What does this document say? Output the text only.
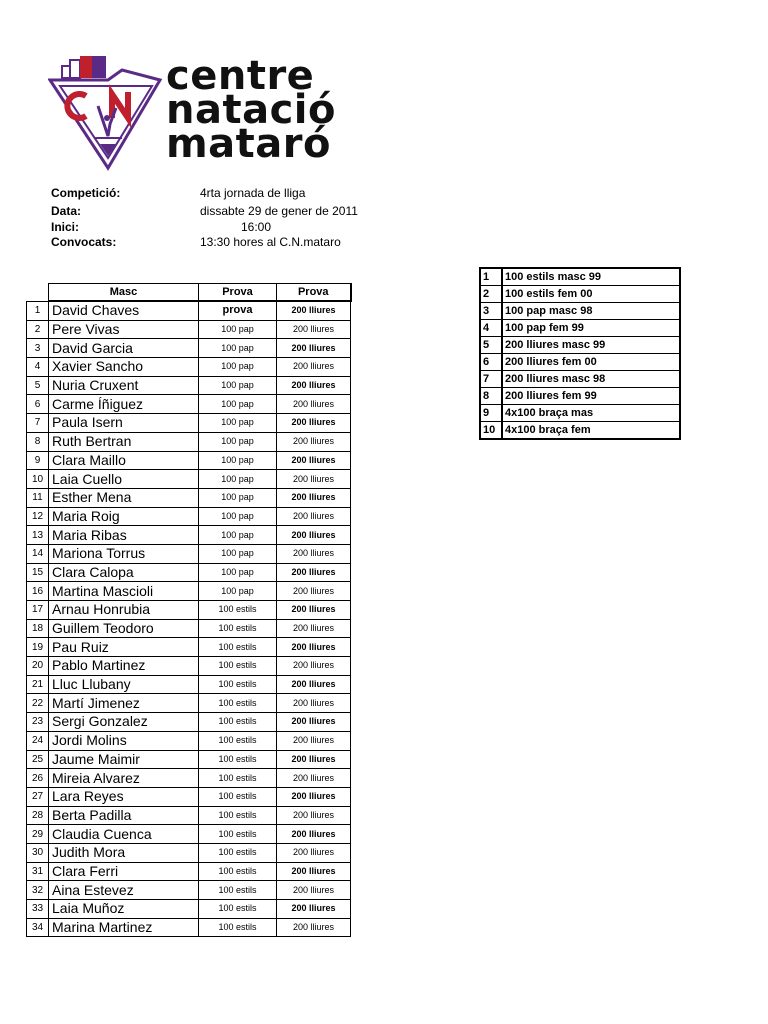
centre
natació
mataró
Competició:	4rta jornada de lliga
Data:	dissabte 29 de gener de 2011
Inici:	16:00
Convocats:	13:30 hores al C.N.mataro
	Masc	Prova	Prova
1	David Chaves	prova	200 lliures
2	Pere Vivas	100 pap	200 lliures
3	David Garcia	100 pap	200 lliures
4	Xavier Sancho	100 pap	200 lliures
5	Nuria Cruxent	100 pap	200 lliures
6	Carme Íñiguez	100 pap	200 lliures
7	Paula Isern	100 pap	200 lliures
8	Ruth Bertran	100 pap	200 lliures
9	Clara Maillo	100 pap	200 lliures
10	Laia Cuello	100 pap	200 lliures
11	Esther Mena	100 pap	200 lliures
12	Maria Roig	100 pap	200 lliures
13	Maria Ribas	100 pap	200 lliures
14	Mariona Torrus	100 pap	200 lliures
15	Clara Calopa	100 pap	200 lliures
16	Martina Mascioli	100 pap	200 lliures
17	Arnau Honrubia	100 estils	200 lliures
18	Guillem Teodoro	100 estils	200 lliures
19	Pau Ruiz	100 estils	200 lliures
20	Pablo Martinez	100 estils	200 lliures
21	Lluc Llubany	100 estils	200 lliures
22	Martí Jimenez	100 estils	200 lliures
23	Sergi Gonzalez	100 estils	200 lliures
24	Jordi Molins	100 estils	200 lliures
25	Jaume Maimir	100 estils	200 lliures
26	Mireia Alvarez	100 estils	200 lliures
27	Lara Reyes	100 estils	200 lliures
28	Berta Padilla	100 estils	200 lliures
29	Claudia Cuenca	100 estils	200 lliures
30	Judith Mora	100 estils	200 lliures
31	Clara Ferri	100 estils	200 lliures
32	Aina Estevez	100 estils	200 lliures
33	Laia Muñoz	100 estils	200 lliures
34	Marina Martinez	100 estils	200 lliures
1	100 estils masc 99
2	100 estils fem 00
3	100 pap masc 98
4	100 pap fem 99
5	200 lliures masc 99
6	200 lliures fem 00
7	200 lliures masc 98
8	200 lliures fem 99
9	4x100 braça mas
10	4x100 braça fem
